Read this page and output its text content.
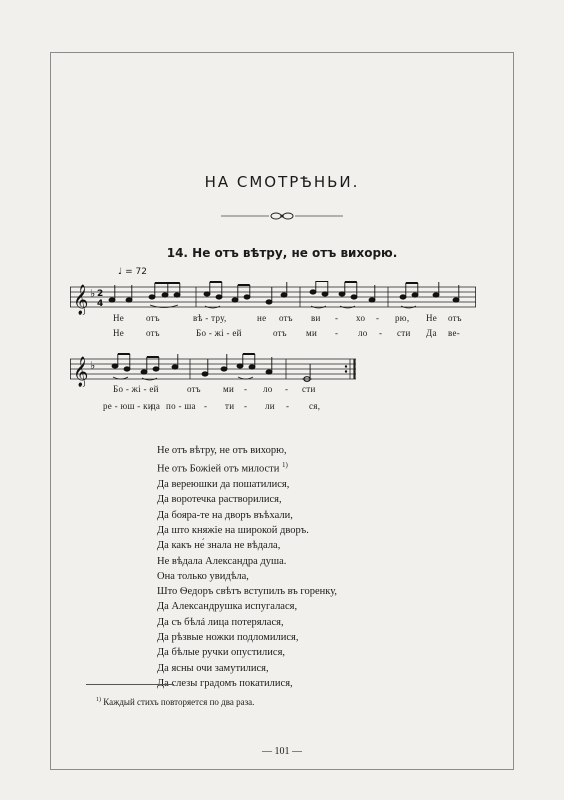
НА СМОТРѢНЬИ.
14. Не отъ вѣтру, не отъ вихорю.
♩ = 72
𝄞 ♭ 2
4
Не отъ	вѣ - тру,	не отъ ви - хо - рю, Не отъ
Не отъ	Бо - жі - ей	отъ ми - ло - сти Да ве-
𝄞 ♭
Бо - жі - ей	отъ ми - ло - сти
ре - юш - ки
да по - ша - ти - ли - ся,
Не отъ вѣтру, не отъ вихорю,
Не отъ Божіей отъ милости $^{1)}$
Да вереюшки да пошатилися,
Да воротечка растворилися,
Да бояра-те на дворъ въѣхали,
Да што княжіе на широкой дворъ.
Да какъ не́ знала не вѣдала,
Не вѣдала Александра душа.
Она только увидѣла,
Што Ѳедоръ свѣтъ вступилъ въ горенку,
Да Александрушка испугалася,
Да съ бѣлá лица потерялася,
Да рѣзвые ножки подломилися,
Да бѣлые ручки опустилися,
Да ясны очи замутилися,
Да слезы градомъ покатилися,
$^{1)}$ Каждый стихъ повторяется по два раза.
— 101 —
